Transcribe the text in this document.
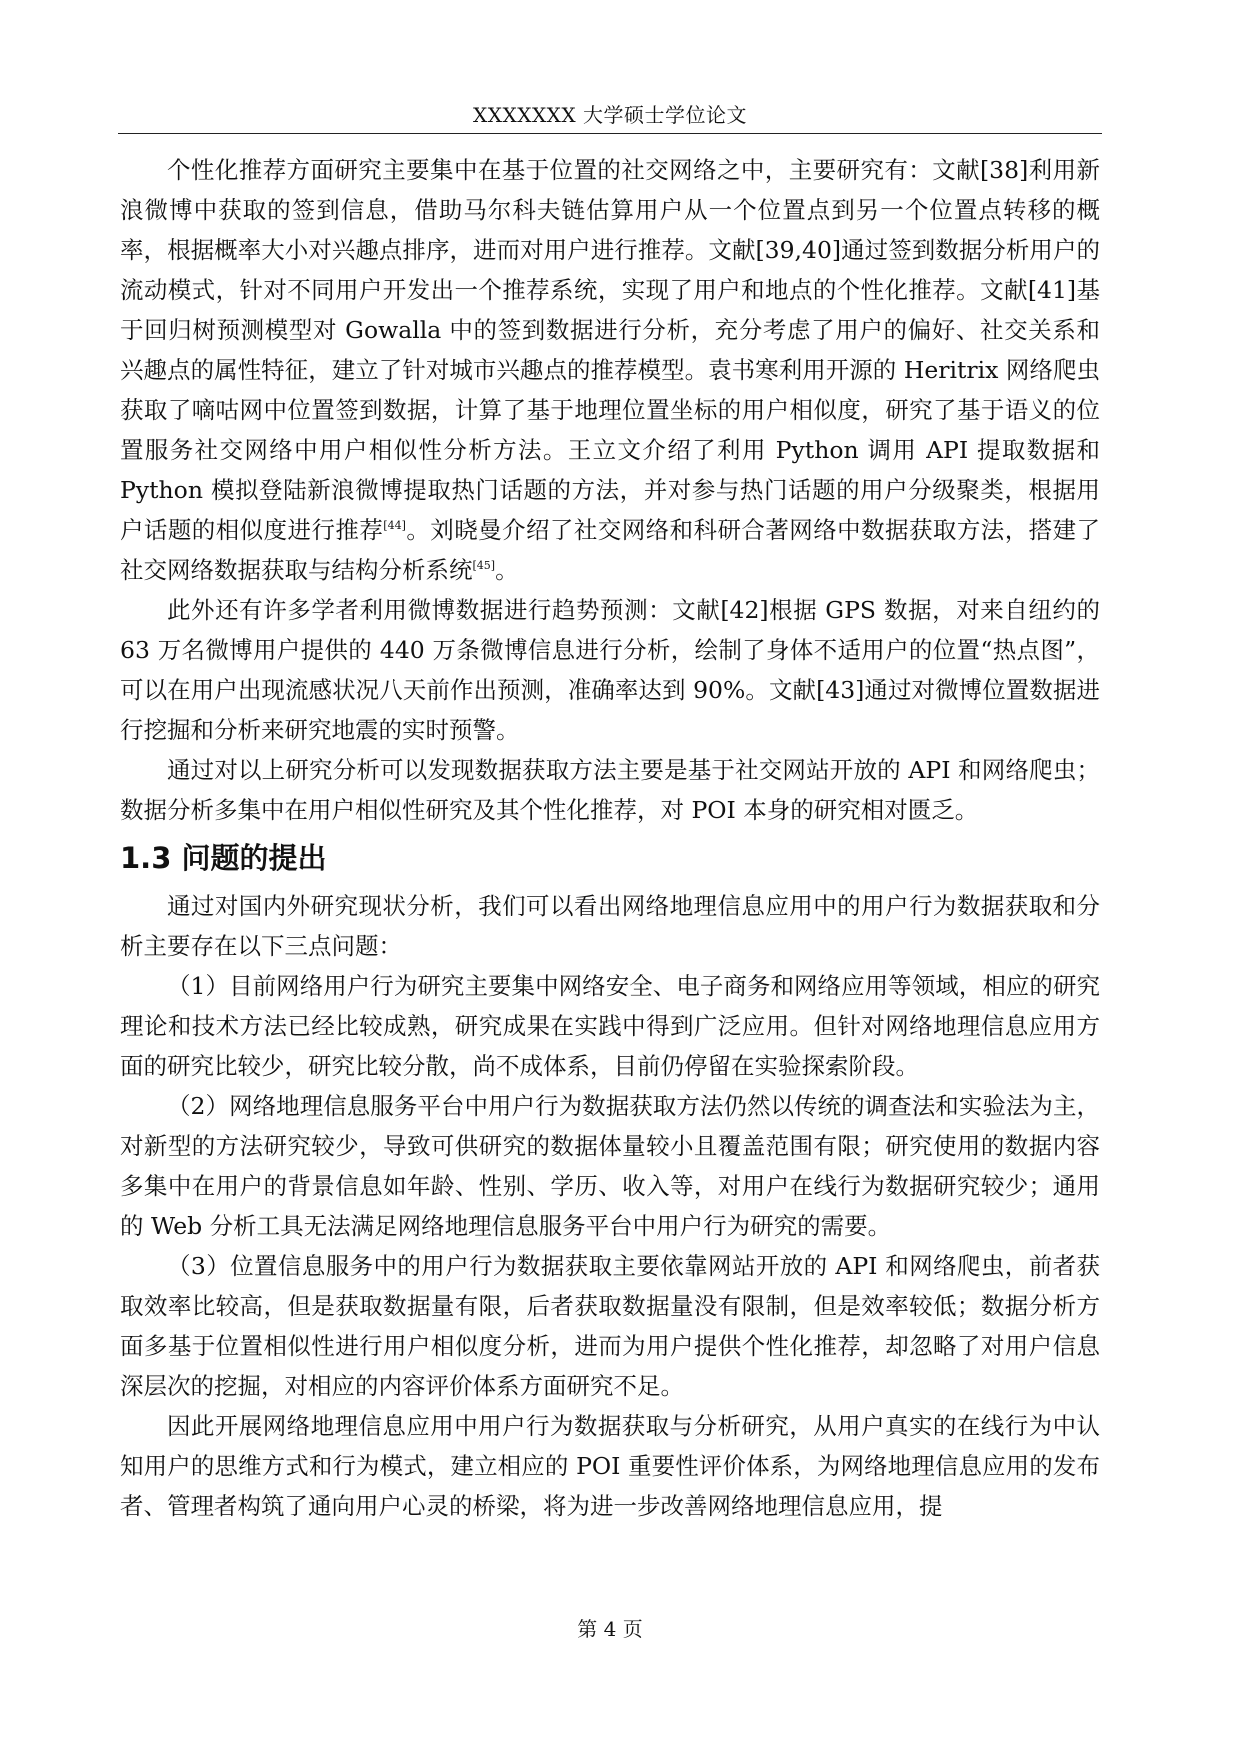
XXXXXXX 大学硕士学位论文

个性化推荐方面研究主要集中在基于位置的社交网络之中，主要研究有：文献[38]利用新浪微博中获取的签到信息，借助马尔科夫链估算用户从一个位置点到另一个位置点转移的概率，根据概率大小对兴趣点排序，进而对用户进行推荐。文献[39,40]通过签到数据分析用户的流动模式，针对不同用户开发出一个推荐系统，实现了用户和地点的个性化推荐。文献[41]基于回归树预测模型对 Gowalla 中的签到数据进行分析，充分考虑了用户的偏好、社交关系和兴趣点的属性特征，建立了针对城市兴趣点的推荐模型。袁书寒利用开源的 Heritrix 网络爬虫获取了嘀咕网中位置签到数据，计算了基于地理位置坐标的用户相似度，研究了基于语义的位置服务社交网络中用户相似性分析方法。王立文介绍了利用 Python 调用 API 提取数据和 Python 模拟登陆新浪微博提取热门话题的方法，并对参与热门话题的用户分级聚类，根据用户话题的相似度进行推荐[44]。刘晓曼介绍了社交网络和科研合著网络中数据获取方法，搭建了社交网络数据获取与结构分析系统[45]。

此外还有许多学者利用微博数据进行趋势预测：文献[42]根据 GPS 数据，对来自纽约的 63 万名微博用户提供的 440 万条微博信息进行分析，绘制了身体不适用户的位置“热点图”，可以在用户出现流感状况八天前作出预测，准确率达到 90%。文献[43]通过对微博位置数据进行挖掘和分析来研究地震的实时预警。

通过对以上研究分析可以发现数据获取方法主要是基于社交网站开放的 API 和网络爬虫；数据分析多集中在用户相似性研究及其个性化推荐，对 POI 本身的研究相对匮乏。

1.3 问题的提出

通过对国内外研究现状分析，我们可以看出网络地理信息应用中的用户行为数据获取和分析主要存在以下三点问题：

（1）目前网络用户行为研究主要集中网络安全、电子商务和网络应用等领域，相应的研究理论和技术方法已经比较成熟，研究成果在实践中得到广泛应用。但针对网络地理信息应用方面的研究比较少，研究比较分散，尚不成体系，目前仍停留在实验探索阶段。

（2）网络地理信息服务平台中用户行为数据获取方法仍然以传统的调查法和实验法为主，对新型的方法研究较少，导致可供研究的数据体量较小且覆盖范围有限；研究使用的数据内容多集中在用户的背景信息如年龄、性别、学历、收入等，对用户在线行为数据研究较少；通用的 Web 分析工具无法满足网络地理信息服务平台中用户行为研究的需要。

（3）位置信息服务中的用户行为数据获取主要依靠网站开放的 API 和网络爬虫，前者获取效率比较高，但是获取数据量有限，后者获取数据量没有限制，但是效率较低；数据分析方面多基于位置相似性进行用户相似度分析，进而为用户提供个性化推荐，却忽略了对用户信息深层次的挖掘，对相应的内容评价体系方面研究不足。

因此开展网络地理信息应用中用户行为数据获取与分析研究，从用户真实的在线行为中认知用户的思维方式和行为模式，建立相应的 POI 重要性评价体系，为网络地理信息应用的发布者、管理者构筑了通向用户心灵的桥梁，将为进一步改善网络地理信息应用，提

第 4 页
